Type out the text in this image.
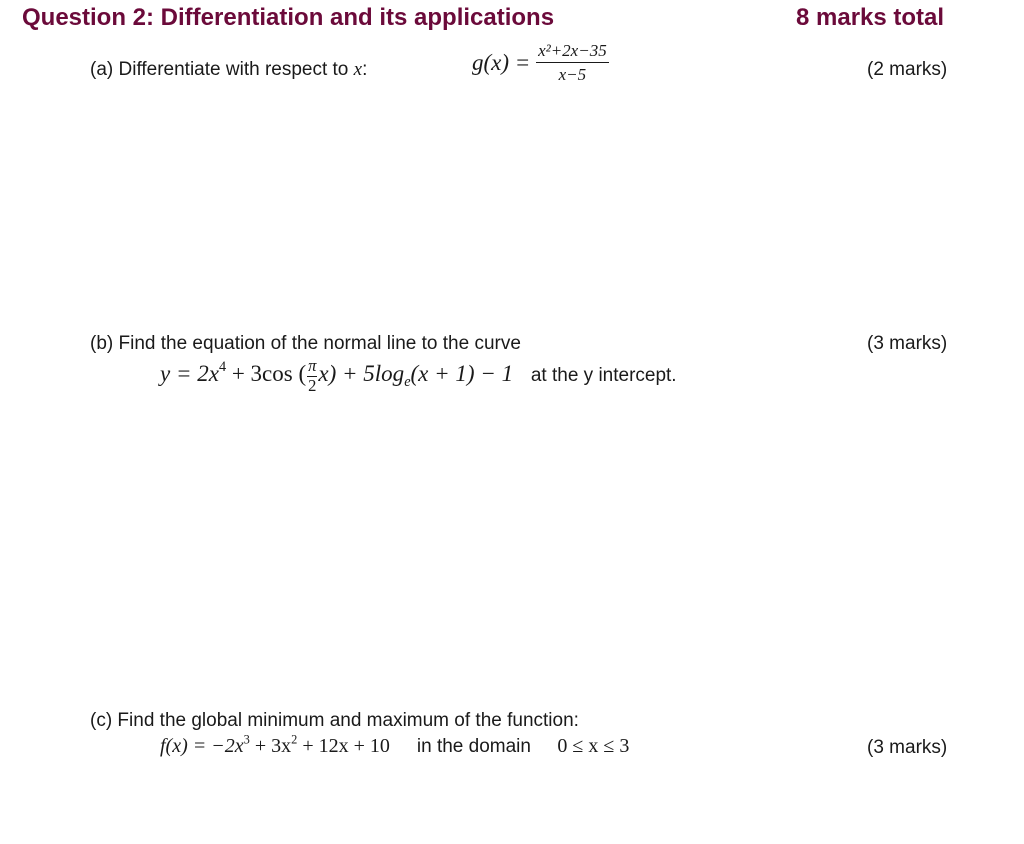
Question 2: Differentiation and its applications	8 marks total
(a) Differentiate with respect to x:	$g(x) = \frac{\text{x²+2x−35}}{x-5}$	(2 marks)
(b) Find the equation of the normal line to the curve	(3 marks)
$y = 2x^4 + 3\cos$ ( $\frac{\pi}{2} x) + 5\log_e(x + 1) - 1$ at the y intercept.
(c) Find the global minimum and maximum of the function:
$f(x) = -2x^3 + 3x^2 + 12x + 10$ in the domain 0 ≤ x ≤ 3	(3 marks)
